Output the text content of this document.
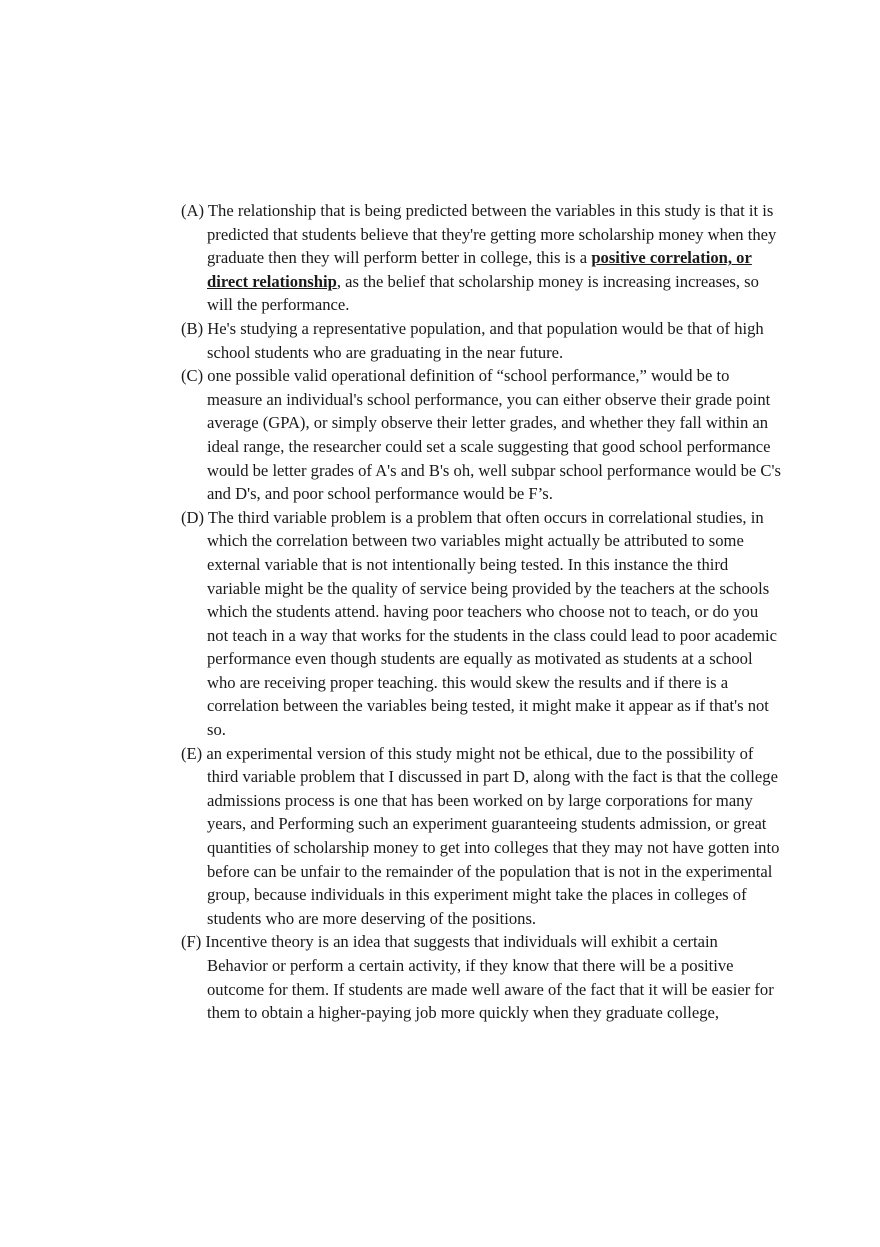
(A) The relationship that is being predicted between the variables in this study is that it is predicted that students believe that they're getting more scholarship money when they graduate then they will perform better in college, this is a positive correlation, or direct relationship, as the belief that scholarship money is increasing increases, so will the performance.
(B) He's studying a representative population, and that population would be that of high school students who are graduating in the near future.
(C) one possible valid operational definition of “school performance,” would be to measure an individual's school performance, you can either observe their grade point average (GPA), or simply observe their letter grades, and whether they fall within an ideal range, the researcher could set a scale suggesting that good school performance would be letter grades of A's and B's oh, well subpar school performance would be C's and D's, and poor school performance would be F’s.
(D) The third variable problem is a problem that often occurs in correlational studies, in which the correlation between two variables might actually be attributed to some external variable that is not intentionally being tested. In this instance the third variable might be the quality of service being provided by the teachers at the schools which the students attend. having poor teachers who choose not to teach, or do you not teach in a way that works for the students in the class could lead to poor academic performance even though students are equally as motivated as students at a school who are receiving proper teaching. this would skew the results and if there is a correlation between the variables being tested, it might make it appear as if that's not so.
(E) an experimental version of this study might not be ethical, due to the possibility of third variable problem that I discussed in part D, along with the fact is that the college admissions process is one that has been worked on by large corporations for many years, and Performing such an experiment guaranteeing students admission, or great quantities of scholarship money to get into colleges that they may not have gotten into before can be unfair to the remainder of the population that is not in the experimental group, because individuals in this experiment might take the places in colleges of students who are more deserving of the positions.
(F) Incentive theory is an idea that suggests that individuals will exhibit a certain Behavior or perform a certain activity, if they know that there will be a positive outcome for them. If students are made well aware of the fact that it will be easier for them to obtain a higher-paying job more quickly when they graduate college,
